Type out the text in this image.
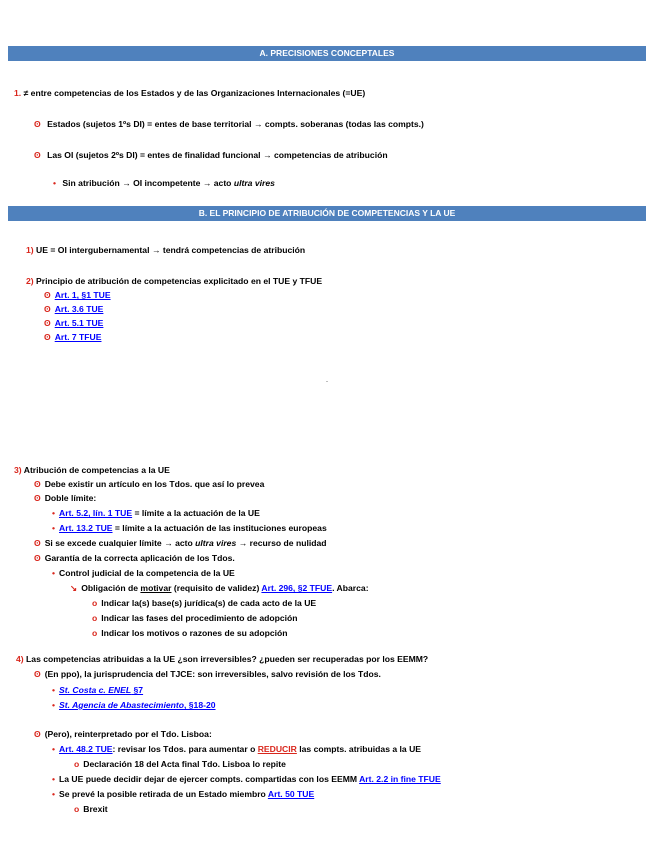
A. PRECISIONES CONCEPTALES
1. ≠ entre competencias de los Estados y de las Organizaciones Internacionales (=UE)
ʘ Estados (sujetos 1ºs DI) = entes de base territorial → compts. soberanas (todas las compts.)
ʘ Las OI (sujetos 2ºs DI) = entes de finalidad funcional → competencias de atribución
• Sin atribución → OI incompetente → acto ultra vires
B. EL PRINCIPIO DE ATRIBUCIÓN DE COMPETENCIAS Y LA UE
1) UE = OI intergubernamental → tendrá competencias de atribución
2) Principio de atribución de competencias explicitado en el TUE y TFUE
ʘ Art. 1, §1 TUE
ʘ Art. 3.6 TUE
ʘ Art. 5.1 TUE
ʘ Art. 7 TFUE
-
3) Atribución de competencias a la UE
ʘ Debe existir un artículo en los Tdos. que así lo prevea
ʘ Doble límite:
• Art. 5.2, lín. 1 TUE = límite a la actuación de la UE
• Art. 13.2 TUE = límite a la actuación de las instituciones europeas
ʘ Si se excede cualquier límite → acto ultra vires → recurso de nulidad
ʘ Garantía de la correcta aplicación de los Tdos.
• Control judicial de la competencia de la UE
↘ Obligación de motivar (requisito de validez) Art. 296, §2 TFUE. Abarca:
o Indicar la(s) base(s) jurídica(s) de cada acto de la UE
o Indicar las fases del procedimiento de adopción
o Indicar los motivos o razones de su adopción
4) Las competencias atribuidas a la UE ¿son irreversibles? ¿pueden ser recuperadas por los EEMM?
ʘ (En ppo), la jurisprudencia del TJCE: son irreversibles, salvo revisión de los Tdos.
• St. Costa c. ENEL §7
• St. Agencia de Abastecimiento, §18-20
ʘ (Pero), reinterpretado por el Tdo. Lisboa:
• Art. 48.2 TUE: revisar los Tdos. para aumentar o REDUCIR las compts. atribuidas a la UE
o Declaración 18 del Acta final Tdo. Lisboa lo repite
• La UE puede decidir dejar de ejercer compts. compartidas con los EEMM Art. 2.2 in fine TFUE
• Se prevé la posible retirada de un Estado miembro Art. 50 TUE
o Brexit
